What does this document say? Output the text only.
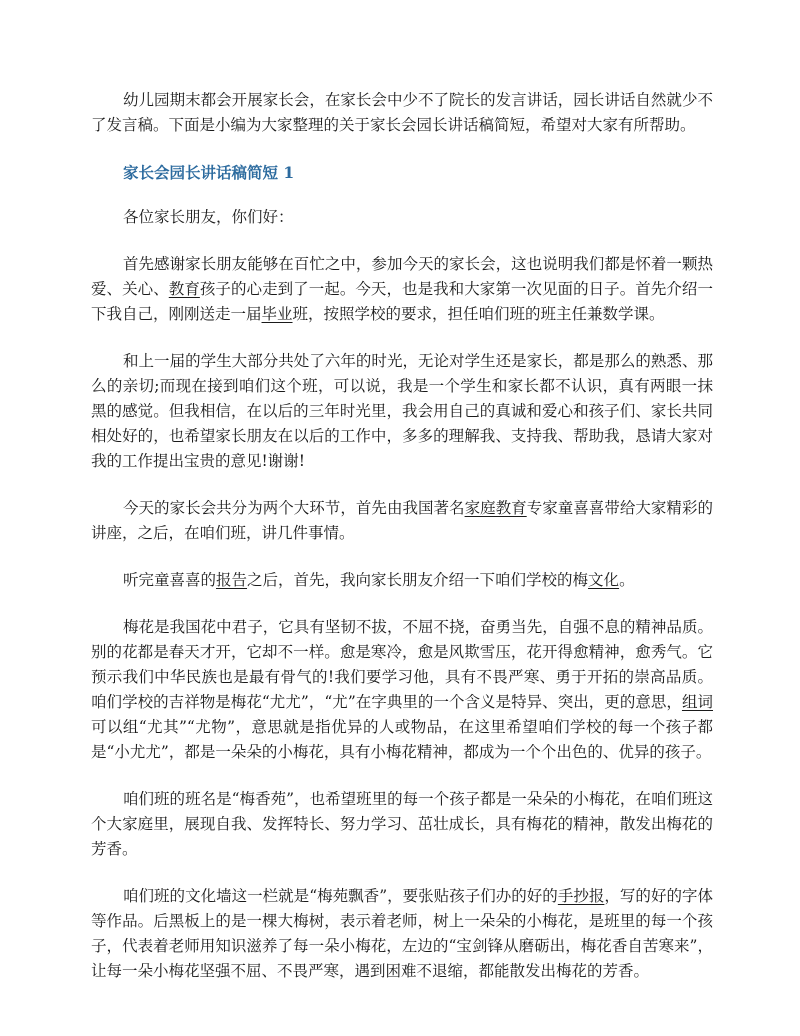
幼儿园期末都会开展家长会，在家长会中少不了院长的发言讲话，园长讲话自然就少不了发言稿。下面是小编为大家整理的关于家长会园长讲话稿简短，希望对大家有所帮助。

家长会园长讲话稿简短 1

各位家长朋友，你们好：

首先感谢家长朋友能够在百忙之中，参加今天的家长会，这也说明我们都是怀着一颗热爱、关心、教育孩子的心走到了一起。今天，也是我和大家第一次见面的日子。首先介绍一下我自己，刚刚送走一届毕业班，按照学校的要求，担任咱们班的班主任兼数学课。

和上一届的学生大部分共处了六年的时光，无论对学生还是家长，都是那么的熟悉、那么的亲切;而现在接到咱们这个班，可以说，我是一个学生和家长都不认识，真有两眼一抹黑的感觉。但我相信，在以后的三年时光里，我会用自己的真诚和爱心和孩子们、家长共同相处好的，也希望家长朋友在以后的工作中，多多的理解我、支持我、帮助我，恳请大家对我的工作提出宝贵的意见!谢谢!

今天的家长会共分为两个大环节，首先由我国著名家庭教育专家童喜喜带给大家精彩的讲座，之后，在咱们班，讲几件事情。

听完童喜喜的报告之后，首先，我向家长朋友介绍一下咱们学校的梅文化。

梅花是我国花中君子，它具有坚韧不拔，不屈不挠，奋勇当先，自强不息的精神品质。别的花都是春天才开，它却不一样。愈是寒冷，愈是风欺雪压，花开得愈精神，愈秀气。它预示我们中华民族也是最有骨气的!我们要学习他，具有不畏严寒、勇于开拓的崇高品质。咱们学校的吉祥物是梅花“尤尤”，“尤”在字典里的一个含义是特异、突出，更的意思，组词可以组“尤其”“尤物”，意思就是指优异的人或物品，在这里希望咱们学校的每一个孩子都是“小尤尤”，都是一朵朵的小梅花，具有小梅花精神，都成为一个个出色的、优异的孩子。

咱们班的班名是“梅香苑”，也希望班里的每一个孩子都是一朵朵的小梅花，在咱们班这个大家庭里，展现自我、发挥特长、努力学习、茁壮成长，具有梅花的精神，散发出梅花的芳香。

咱们班的文化墙这一栏就是“梅苑飘香”，要张贴孩子们办的好的手抄报，写的好的字体等作品。后黑板上的是一棵大梅树，表示着老师，树上一朵朵的小梅花，是班里的每一个孩子，代表着老师用知识滋养了每一朵小梅花，左边的“宝剑锋从磨砺出，梅花香自苦寒来”，让每一朵小梅花坚强不屈、不畏严寒，遇到困难不退缩，都能散发出梅花的芳香。
